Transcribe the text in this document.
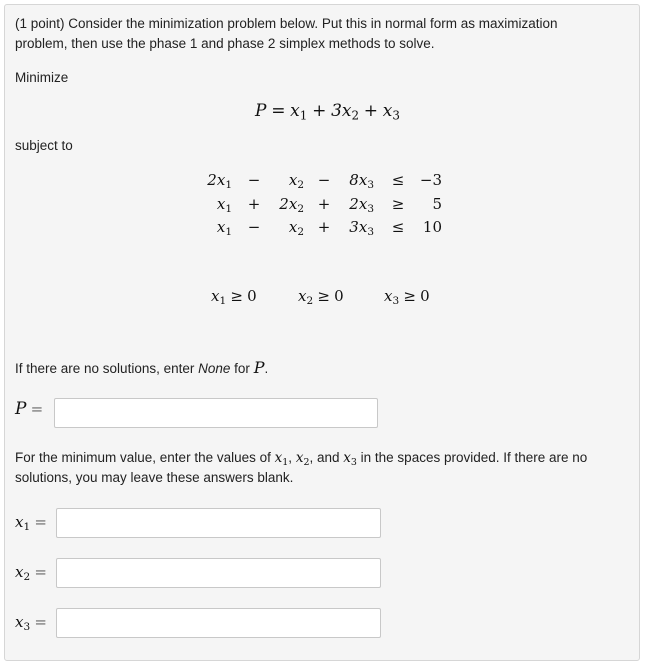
(1 point) Consider the minimization problem below. Put this in normal form as maximization
problem, then use the phase 1 and phase 2 simplex methods to solve.
Minimize
$P = x_1 + 3x_2 + x_3$
subject to
$2x_1$ −	$x_2$ −	$8x_3$ ≤	−3
$x_1$ +	$2x_2$ +	$2x_3$ ≥	5
$x_1$ −	$x_2$ +	$3x_3$ ≤	10
$x_1 \ge 0$	$x_2 \ge 0$	$x_3 \ge 0$
If there are no solutions, enter None for P.
P =
For the minimum value, enter the values of $x_1$, $x_2$, and $x_3$ in the spaces provided. If there are no
solutions, you may leave these answers blank.
$x_1$ =
$x_2$ =
$x_3$ =
